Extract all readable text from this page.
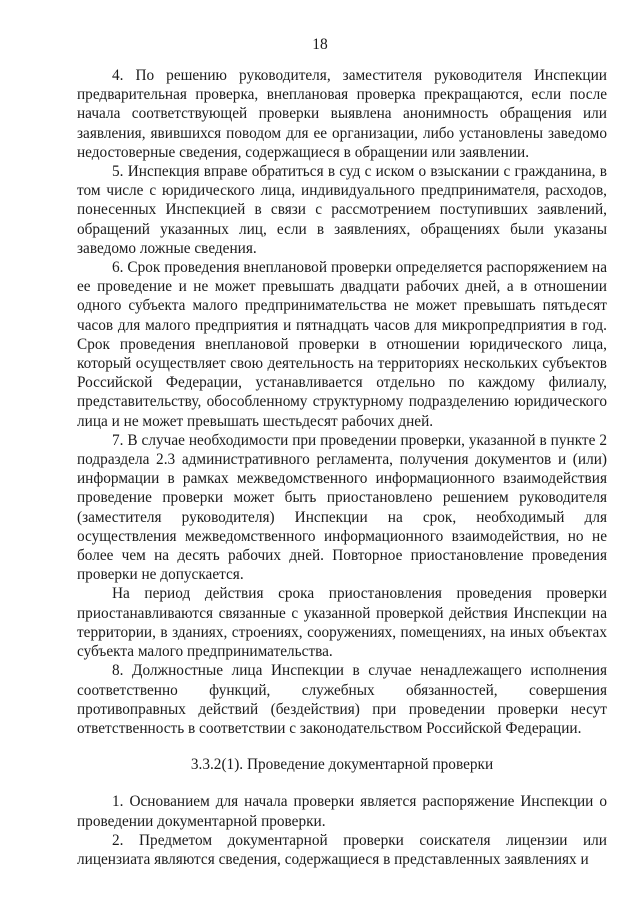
18

4. По решению руководителя, заместителя руководителя Инспекции предварительная проверка, внеплановая проверка прекращаются, если после начала соответствующей проверки выявлена анонимность обращения или заявления, явившихся поводом для ее организации, либо установлены заведомо недостоверные сведения, содержащиеся в обращении или заявлении.

5. Инспекция вправе обратиться в суд с иском о взыскании с гражданина, в том числе с юридического лица, индивидуального предпринимателя, расходов, понесенных Инспекцией в связи с рассмотрением поступивших заявлений, обращений указанных лиц, если в заявлениях, обращениях были указаны заведомо ложные сведения.

6. Срок проведения внеплановой проверки определяется распоряжением на ее проведение и не может превышать двадцати рабочих дней, а в отношении одного субъекта малого предпринимательства не может превышать пятьдесят часов для малого предприятия и пятнадцать часов для микропредприятия в год. Срок проведения внеплановой проверки в отношении юридического лица, который осуществляет свою деятельность на территориях нескольких субъектов Российской Федерации, устанавливается отдельно по каждому филиалу, представительству, обособленному структурному подразделению юридического лица и не может превышать шестьдесят рабочих дней.

7. В случае необходимости при проведении проверки, указанной в пункте 2 подраздела 2.3 административного регламента, получения документов и (или) информации в рамках межведомственного информационного взаимодействия проведение проверки может быть приостановлено решением руководителя (заместителя руководителя) Инспекции на срок, необходимый для осуществления межведомственного информационного взаимодействия, но не более чем на десять рабочих дней. Повторное приостановление проведения проверки не допускается.

На период действия срока приостановления проведения проверки приостанавливаются связанные с указанной проверкой действия Инспекции на территории, в зданиях, строениях, сооружениях, помещениях, на иных объектах субъекта малого предпринимательства.

8. Должностные лица Инспекции в случае ненадлежащего исполнения соответственно функций, служебных обязанностей, совершения противоправных действий (бездействия) при проведении проверки несут ответственность в соответствии с законодательством Российской Федерации.

3.3.2(1). Проведение документарной проверки

1. Основанием для начала проверки является распоряжение Инспекции о проведении документарной проверки.

2. Предметом документарной проверки соискателя лицензии или лицензиата являются сведения, содержащиеся в представленных заявлениях и
